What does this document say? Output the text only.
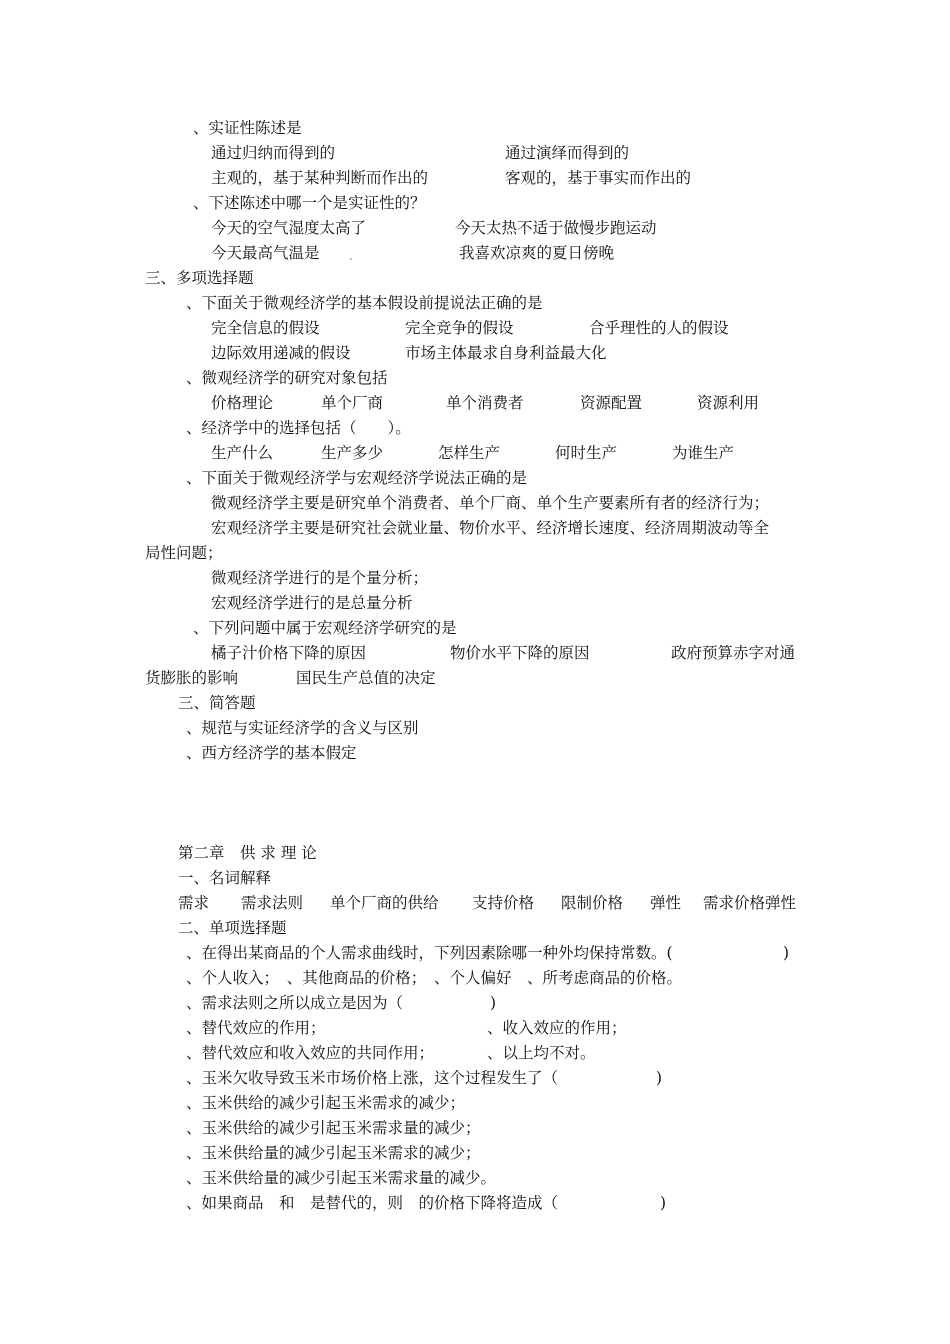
、实证性陈述是
通过归纳而得到的	通过演绎而得到的
主观的，基于某种判断而作出的	客观的，基于事实而作出的
、下述陈述中哪一个是实证性的？
今天的空气湿度太高了	今天太热不适于做慢步跑运动
今天最高气温是	我喜欢凉爽的夏日傍晚
三、多项选择题
、下面关于微观经济学的基本假设前提说法正确的是
完全信息的假设	完全竞争的假设	合乎理性的人的假设
边际效用递减的假设	市场主体最求自身利益最大化
、微观经济学的研究对象包括
价格理论	单个厂商	单个消费者	资源配置	资源利用
、经济学中的选择包括（　　）。
生产什么	生产多少	怎样生产	何时生产	为谁生产
、下面关于微观经济学与宏观经济学说法正确的是
微观经济学主要是研究单个消费者、单个厂商、单个生产要素所有者的经济行为；
宏观经济学主要是研究社会就业量、物价水平、经济增长速度、经济周期波动等全
局性问题；
微观经济学进行的是个量分析；
宏观经济学进行的是总量分析
、下列问题中属于宏观经济学研究的是
橘子汁价格下降的原因	物价水平下降的原因	政府预算赤字对通
货膨胀的影响	国民生产总值的决定
三、简答题
、规范与实证经济学的含义与区别
、西方经济学的基本假定
第二章　供 求 理 论
一、名词解释
需求 需求法则 单个厂商的供给 支持价格 限制价格 弹性 需求价格弹性
二、单项选择题
、在得出某商品的个人需求曲线时，下列因素除哪一种外均保持常数。(	)
、个人收入；　、其他商品的价格；　、个人偏好　、所考虑商品的价格。
、需求法则之所以成立是因为（	)
、替代效应的作用；	、收入效应的作用；
、替代效应和收入效应的共同作用；	、以上均不对。
、玉米欠收导致玉米市场价格上涨，这个过程发生了（	)
、玉米供给的减少引起玉米需求的减少；
、玉米供给的减少引起玉米需求量的减少；
、玉米供给量的减少引起玉米需求的减少；
、玉米供给量的减少引起玉米需求量的减少。
、如果商品　和　是替代的，则　的价格下降将造成（	)
